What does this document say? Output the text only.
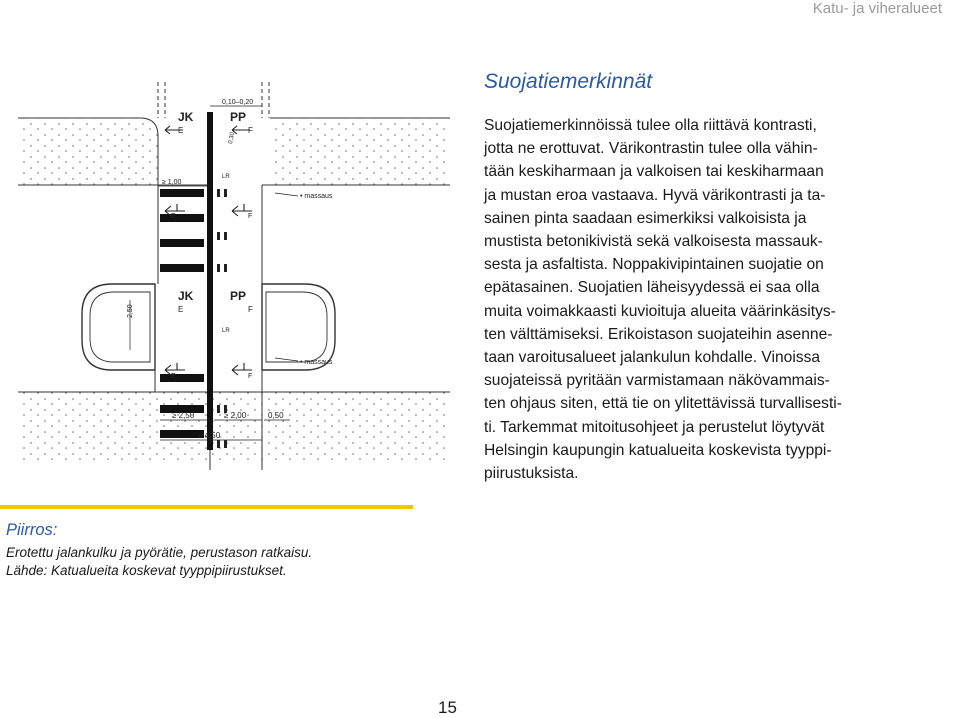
Katu- ja viheralueet
JK
E
PP
F
JK
E
PP
F
E	F
E	F
LR
LR
• massaus
• massaus
0,10–0,20
2,50
≥ 2,50	≥ 2,00	0,50
≥ 4,50
≥ 1,00
0,30
Suojatiemerkinnät
Suojatiemerkinnöissä tulee olla riittävä kontrasti,
jotta ne erottuvat. Värikontrastin tulee olla vähin-
tään keskiharmaan ja valkoisen tai keskiharmaan
ja mustan eroa vastaava. Hyvä värikontrasti ja ta-
sainen pinta saadaan esimerkiksi valkoisista ja
mustista betonikivistä sekä valkoisesta massauk-
sesta ja asfaltista. Noppakivipintainen suojatie on
epätasainen. Suojatien läheisyydessä ei saa olla
muita voimakkaasti kuvioituja alueita väärinkäsitys-
ten välttämiseksi. Erikoistason suojateihin asenne-
taan varoitusalueet jalankulun kohdalle. Vinoissa
suojateissä pyritään varmistamaan näkövammais-
ten ohjaus siten, että tie on ylitettävissä turvallisesti-
ti. Tarkemmat mitoitusohjeet ja perustelut löytyvät
Helsingin kaupungin katualueita koskevista tyyppi-
piirustuksista.
Piirros:
Erotettu jalankulku ja pyörätie, perustason ratkaisu.
Lähde: Katualueita koskevat tyyppipiirustukset.
15
